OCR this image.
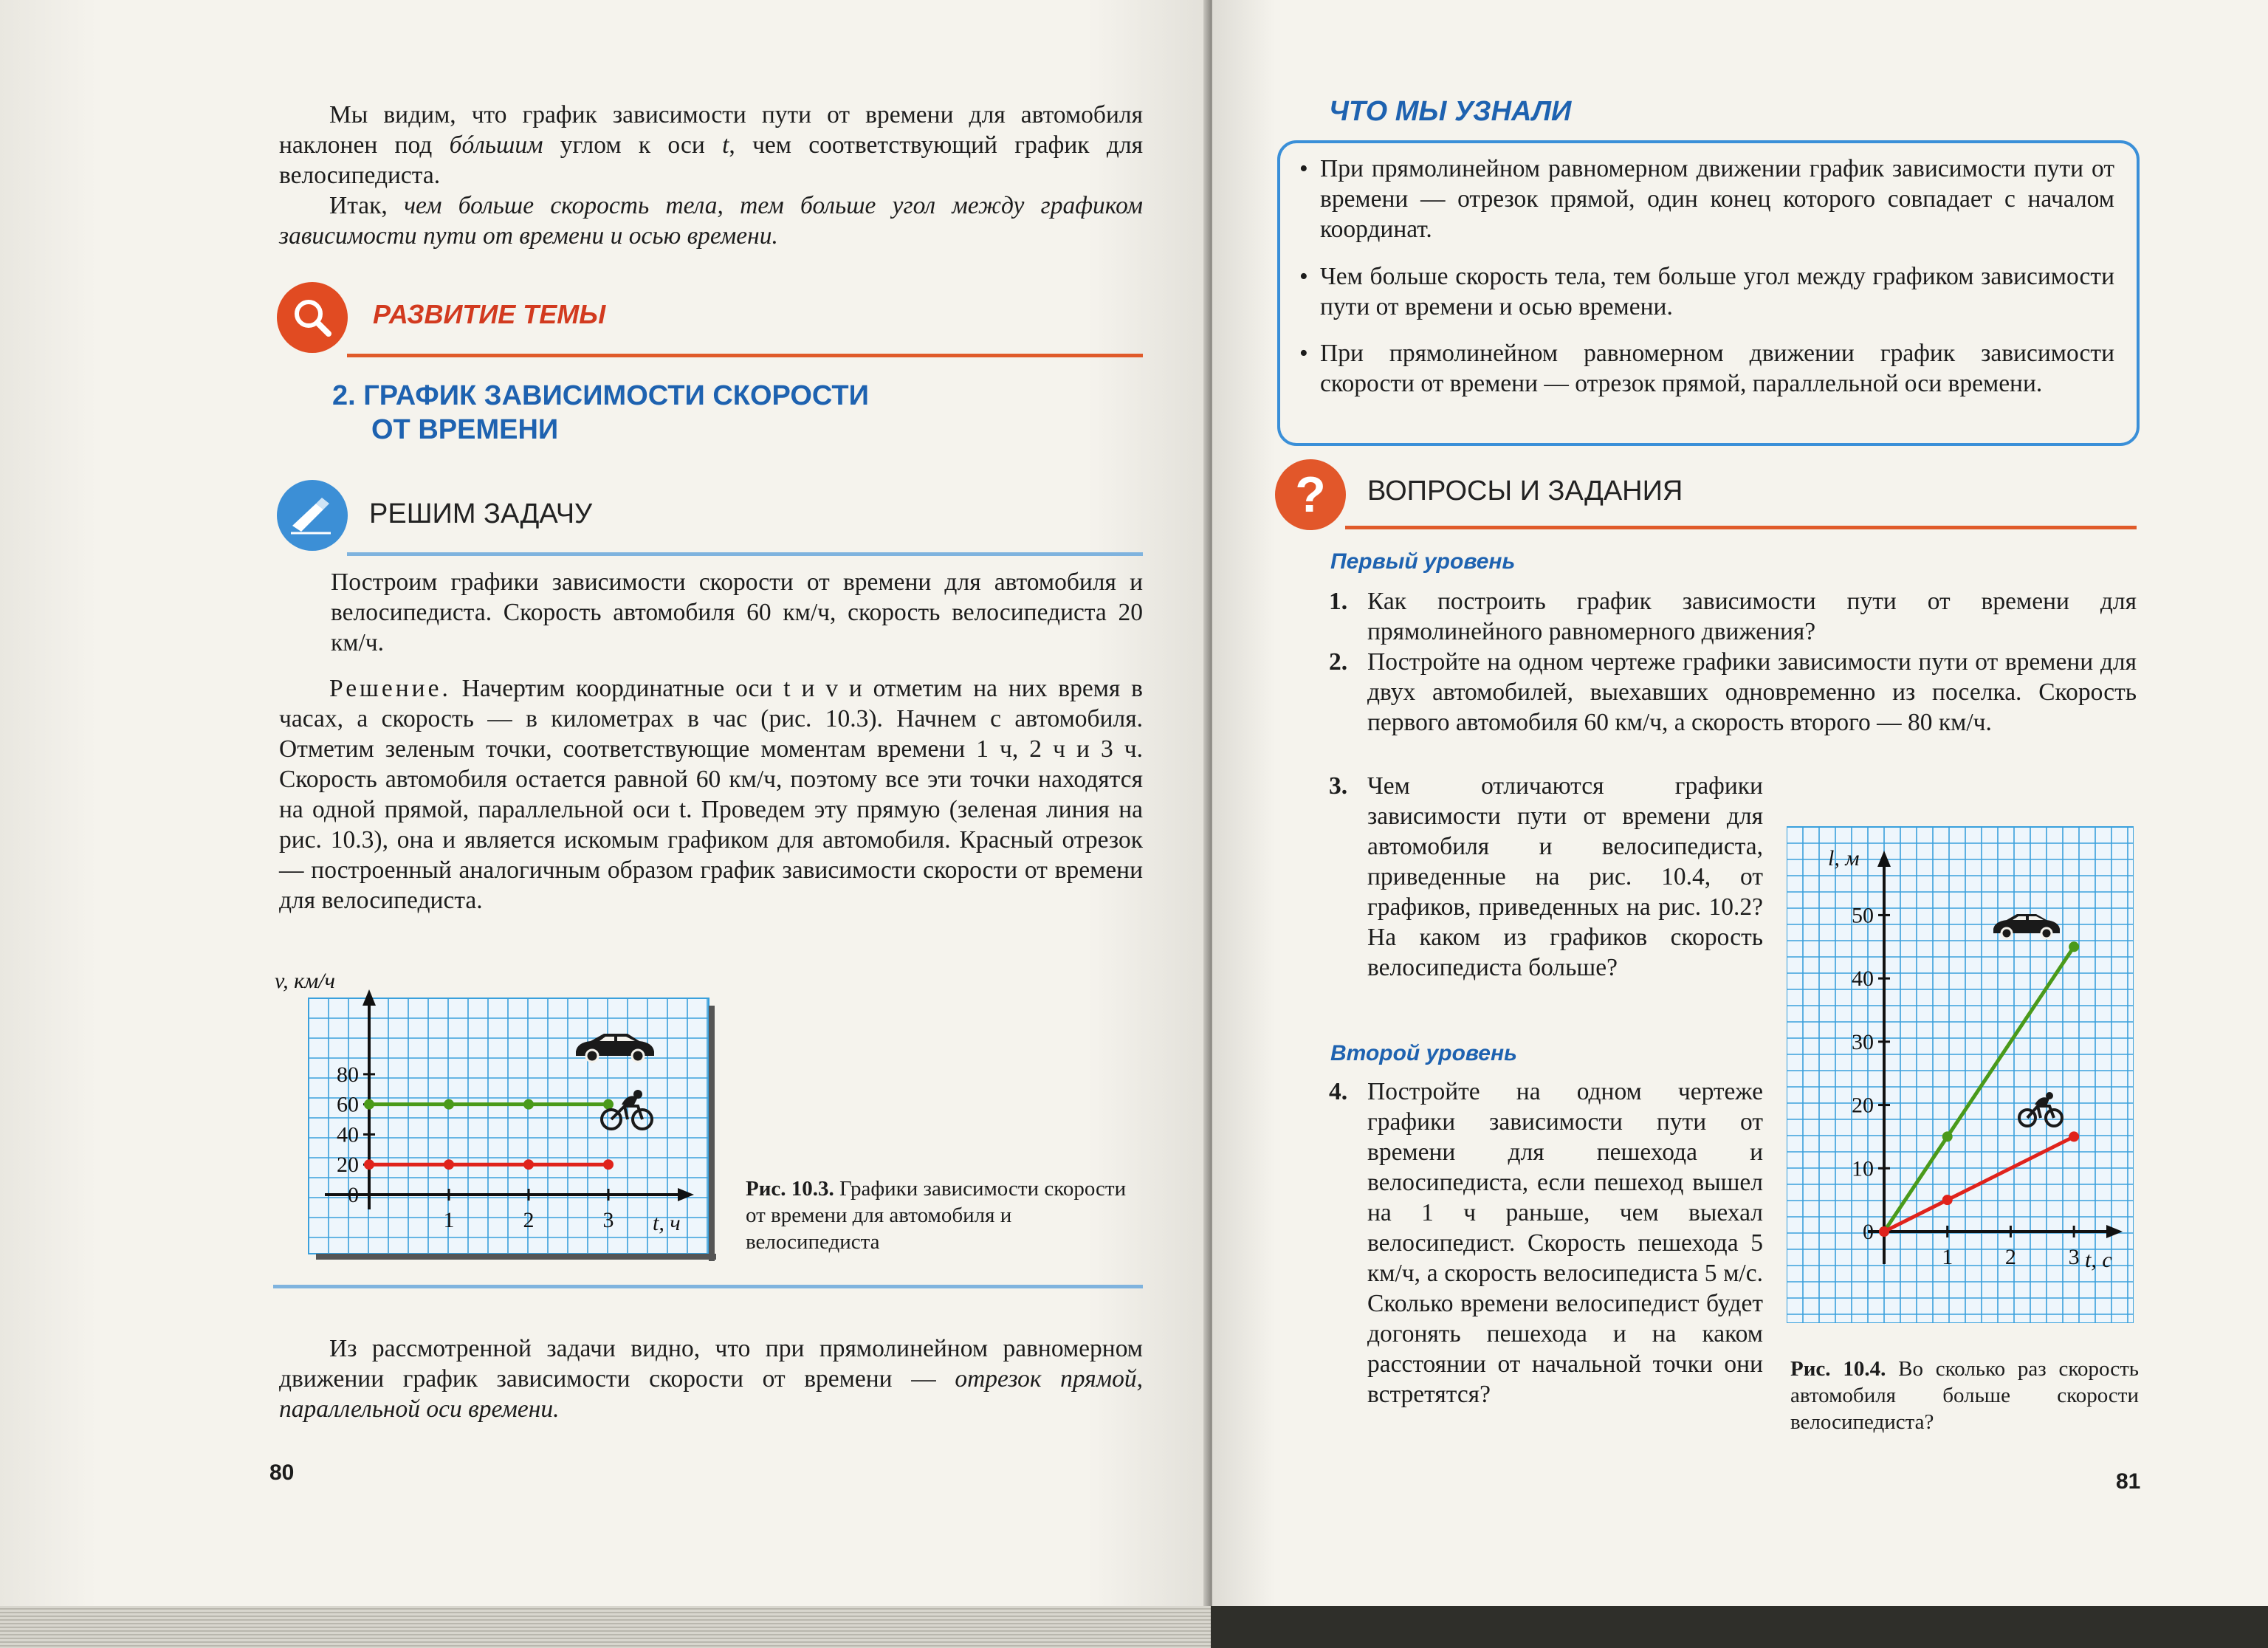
Мы видим, что график зависимости пути от времени для автомобиля наклонен под бóльшим углом к оси t, чем соответствующий график для велосипедиста.

Итак, чем больше скорость тела, тем больше угол между графиком зависимости пути от времени и осью времени.

РАЗВИТИЕ ТЕМЫ
2. ГРАФИК ЗАВИСИМОСТИ СКОРОСТИ
ОТ ВРЕМЕНИ
РЕШИМ ЗАДАЧУ

Построим графики зависимости скорости от времени для автомобиля и велосипедиста. Скорость автомобиля 60 км/ч, скорость велосипедиста 20 км/ч.

Решение. Начертим координатные оси t и v и отметим на них время в часах, а скорость — в километрах в час (рис. 10.3). Начнем с автомобиля. Отметим зеленым точки, соответствующие моментам времени 1 ч, 2 ч и 3 ч. Скорость автомобиля остается равной 60 км/ч, поэтому все эти точки находятся на одной прямой, параллельной оси t. Проведем эту прямую (зеленая линия на рис. 10.3), она и является искомым графиком для автомобиля. Красный отрезок — построенный аналогичным образом график зависимости скорости от времени для велосипедиста.

0
20
40
60
80
1	2	3
v, км/ч
t, ч
Рис. 10.3. Графики зависимости скорости от времени для автомобиля и велосипедиста

Из рассмотренной задачи видно, что при прямолинейном равномерном движении график зависимости скорости от времени — отрезок прямой, параллельной оси времени.

80
ЧТО МЫ УЗНАЛИ
• При прямолинейном равномерном движении график зависимости пути от времени — отрезок прямой, один конец которого совпадает с началом координат.
• Чем больше скорость тела, тем больше угол между графиком зависимости пути от времени и осью времени.
• При прямолинейном равномерном движении график зависимости скорости от времени — отрезок прямой, параллельной оси времени.
? ВОПРОСЫ И ЗАДАНИЯ
Первый уровень
1. Как построить график зависимости пути от времени для прямолинейного равномерного движения?
2. Постройте на одном чертеже графики зависимости пути от времени для двух автомобилей, выехавших одновременно из поселка. Скорость первого автомобиля 60 км/ч, а скорость второго — 80 км/ч.
3. Чем отличаются графики зависимости пути от времени для автомобиля и велосипедиста, приведенные на рис. 10.4, от графиков, приведенных на рис. 10.2? На каком из графиков скорость велосипедиста больше?
Второй уровень
4. Постройте на одном чертеже графики зависимости пути от времени для пешехода и велосипедиста, если пешеход вышел на 1 ч раньше, чем выехал велосипедист. Скорость пешехода 5 км/ч, а скорость велосипедиста 5 м/с. Сколько времени велосипедист будет догонять пешехода и на каком расстоянии от начальной точки они встретятся?
0
10
20
30
40
50
1 2 3
l, м
t, с
Рис. 10.4. Во сколько раз скорость автомобиля больше скорости велосипедиста?
81
